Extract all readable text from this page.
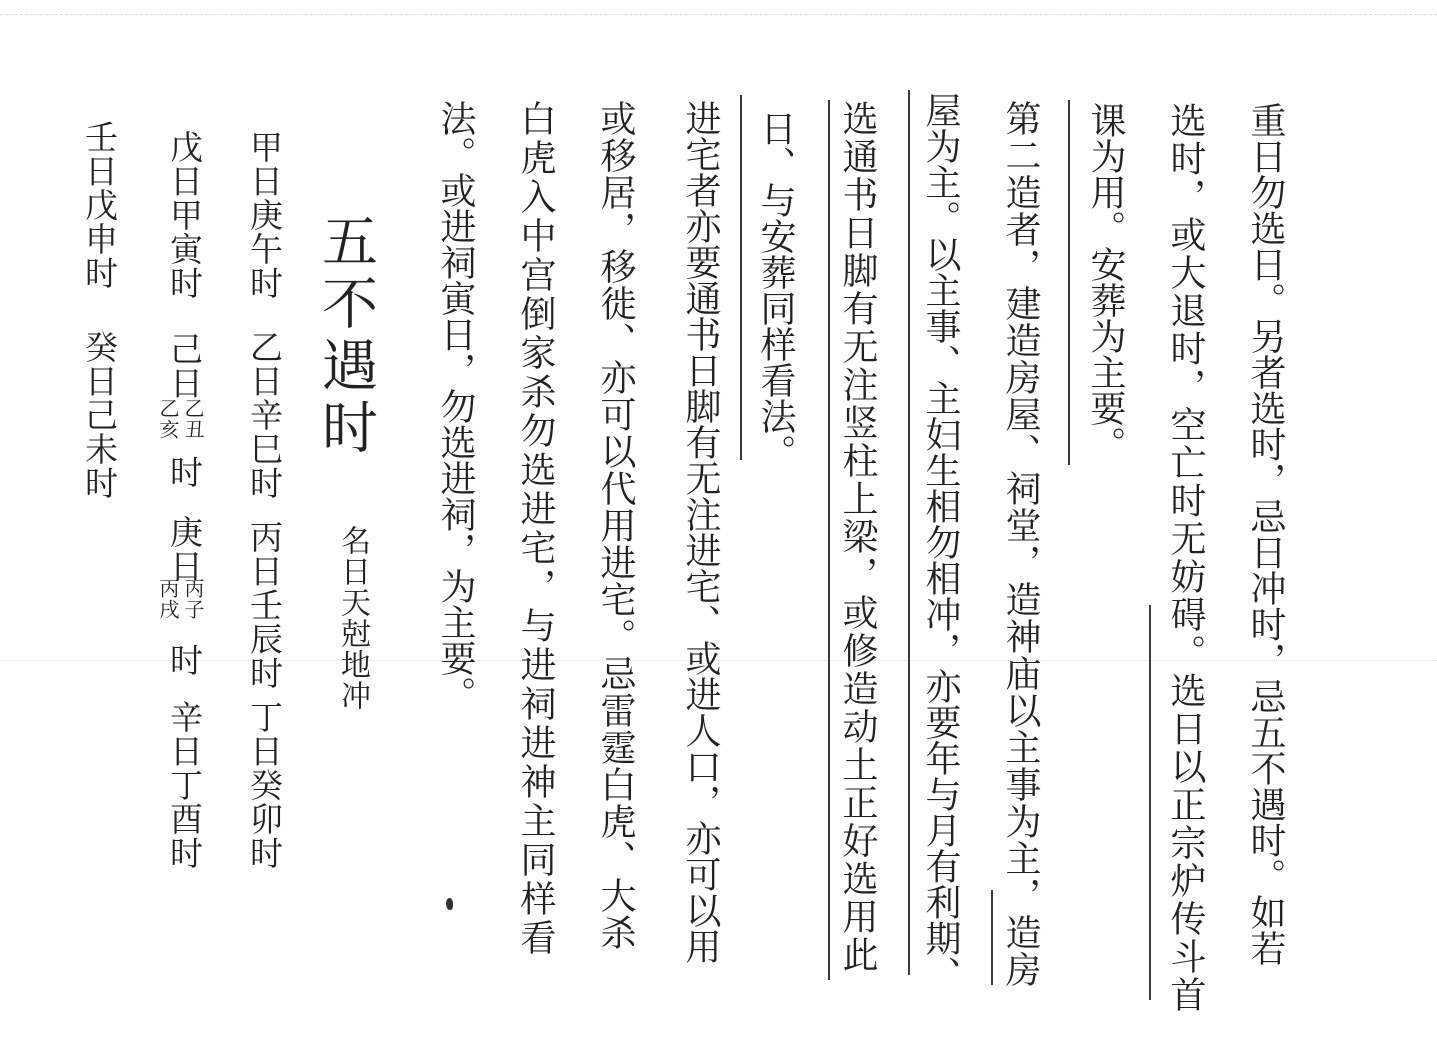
重日勿选日。另者选时，忌日冲时，忌五不遇时。如若
选时，或大退时，空亡时无妨碍。选日以正宗炉传斗首
课为用。安葬为主要。
第二造者，建造房屋、祠堂，造神庙以主事为主，造房
屋为主。以主事、主妇生相勿相冲，亦要年与月有利期、
选通书日脚有无注竖柱上梁，或修造动土正好选用此
日、与安葬同样看法。
进宅者亦要通书日脚有无注进宅、或进人口，亦可以用
或移居，移徙、亦可以代用进宅。忌雷霆白虎、大杀
白虎入中宫倒家杀勿选进宅，与进祠进神主同样看
法。或进祠寅日，勿选进祠，为主要。
五不遇时
名日天尅地冲
甲日庚午时
乙日辛巳时
丙日壬辰时
丁日癸卯时
戊日甲寅时
己日
乙丑
乙亥
时
庚日
丙子
丙戌
时
辛日丁酉时
壬日戊申时
癸日己未时
